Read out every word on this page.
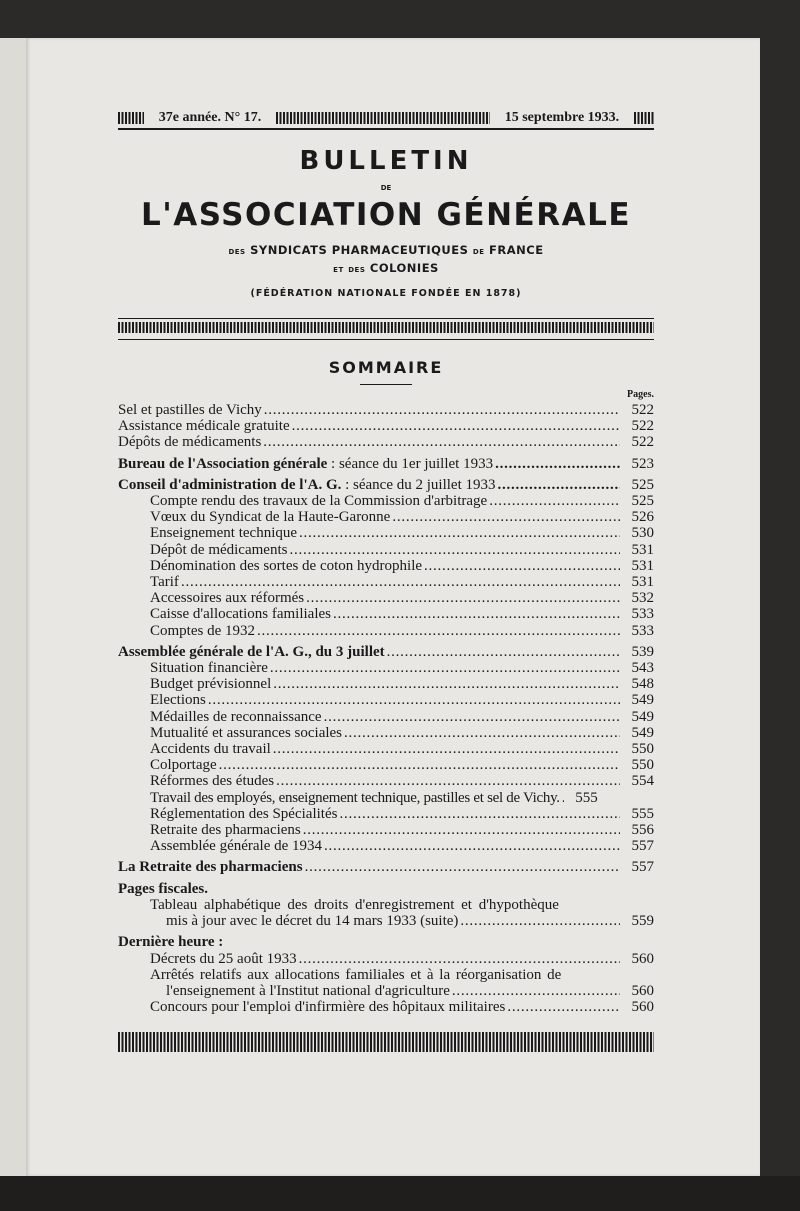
37e année. N° 17.	15 septembre 1933.
BULLETIN
DE
L'ASSOCIATION GÉNÉRALE
DES SYNDICATS PHARMACEUTIQUES DE FRANCE
ET DES COLONIES
(FÉDÉRATION NATIONALE FONDÉE EN 1878)
SOMMAIRE
Pages.
Sel et pastilles de Vichy . . .	522
Assistance médicale gratuite . . .	522
Dépôts de médicaments . . .	522
Bureau de l'Association générale : séance du 1er juillet 1933 . . .	523
Conseil d'administration de l'A. G. : séance du 2 juillet 1933 . . .	525
Compte rendu des travaux de la Commission d'arbitrage . . .	525
Vœux du Syndicat de la Haute-Garonne . . .	526
Enseignement technique . . .	530
Dépôt de médicaments . . .	531
Dénomination des sortes de coton hydrophile . . .	531
Tarif . . .	531
Accessoires aux réformés . . .	532
Caisse d'allocations familiales . . .	533
Comptes de 1932 . . .	533
Assemblée générale de l'A. G., du 3 juillet . . .	539
Situation financière . . .	543
Budget prévisionnel . . .	548
Elections . . .	549
Médailles de reconnaissance . . .	549
Mutualité et assurances sociales . . .	549
Accidents du travail . . .	550
Colportage . . .	550
Réformes des études . . .	554
Travail des employés, enseignement technique, pastilles et sel de Vichy. . . .	555
Réglementation des Spécialités . . .	555
Retraite des pharmaciens . . .	556
Assemblée générale de 1934 . . .	557
La Retraite des pharmaciens . . .	557
Pages fiscales.
Tableau alphabétique des droits d'enregistrement et d'hypothèque
mis à jour avec le décret du 14 mars 1933 (suite) . . .	559
Dernière heure :
Décrets du 25 août 1933 . . .	560
Arrêtés relatifs aux allocations familiales et à la réorganisation de
l'enseignement à l'Institut national d'agriculture . . .	560
Concours pour l'emploi d'infirmière des hôpitaux militaires . . .	560
